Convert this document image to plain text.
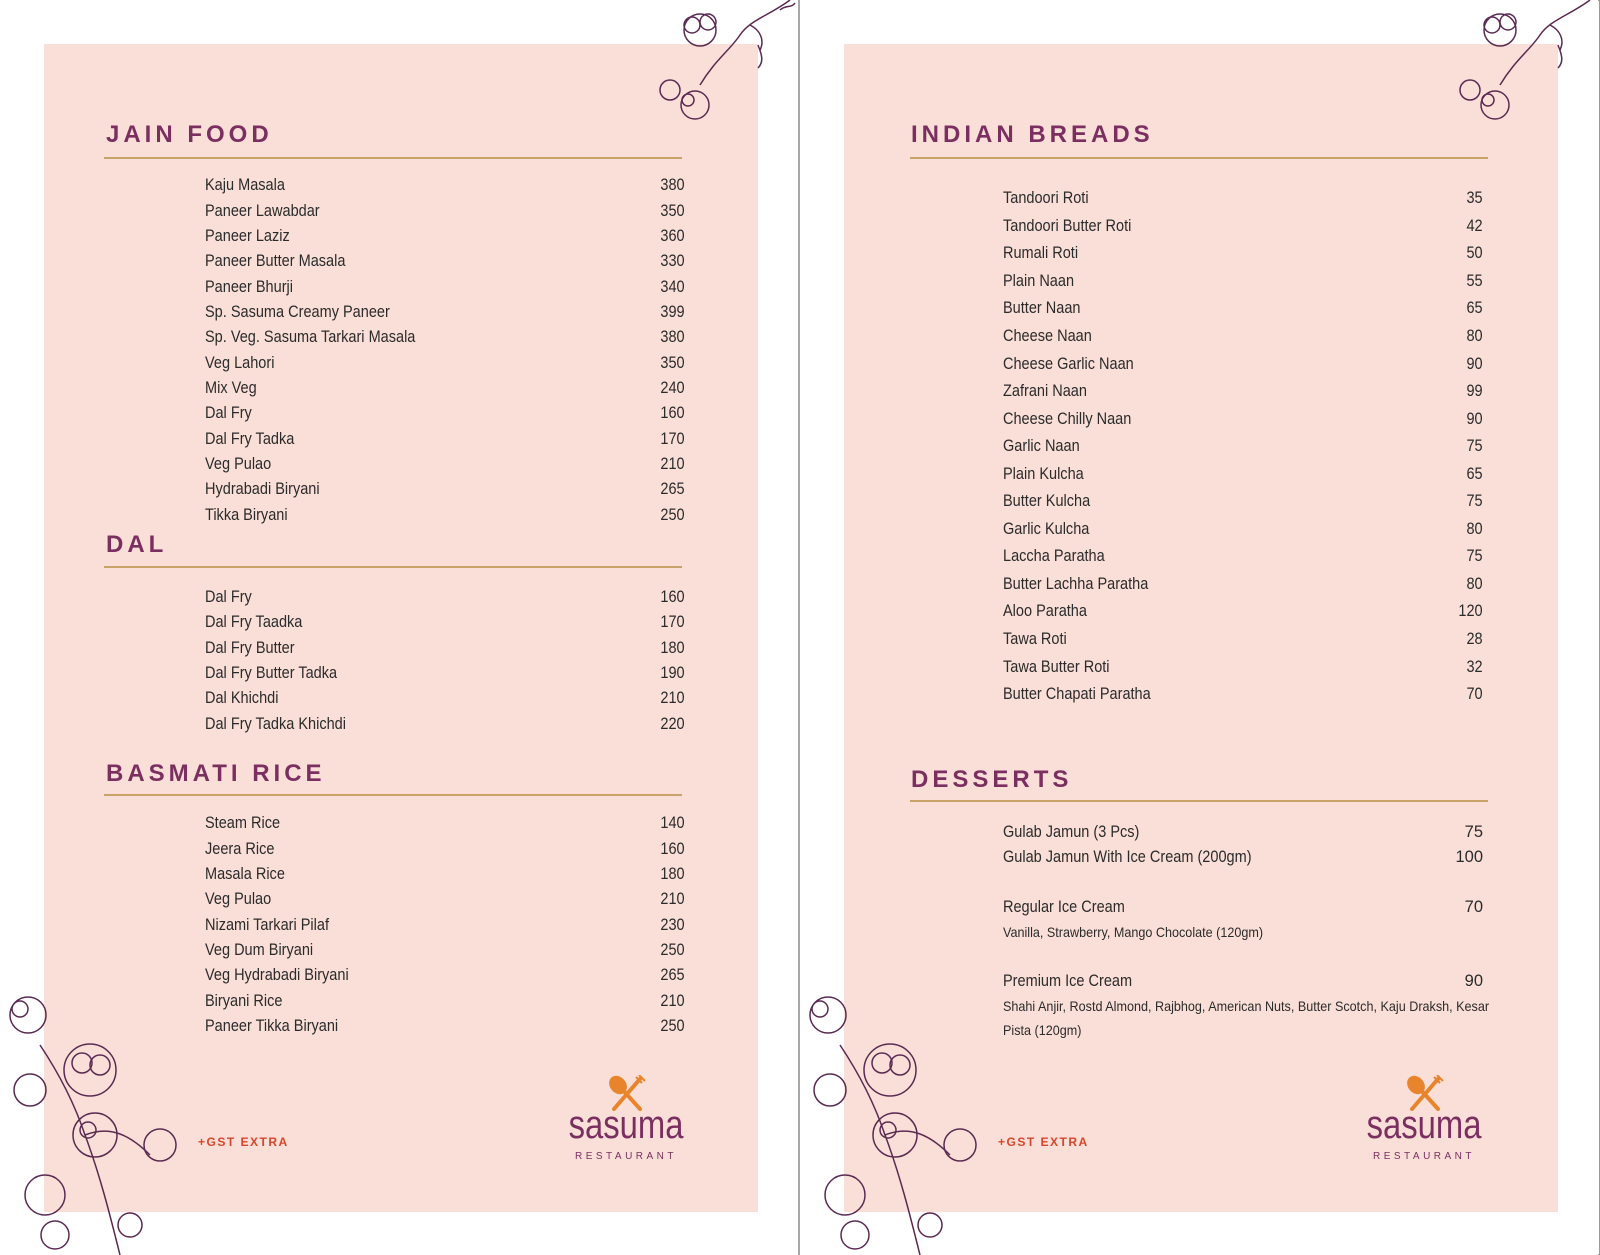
JAIN FOOD
Kaju Masala	380
Paneer Lawabdar	350
Paneer Laziz	360
Paneer Butter Masala	330
Paneer Bhurji	340
Sp. Sasuma Creamy Paneer	399
Sp. Veg. Sasuma Tarkari Masala	380
Veg Lahori	350
Mix Veg	240
Dal Fry	160
Dal Fry Tadka	170
Veg Pulao	210
Hydrabadi Biryani	265
Tikka Biryani	250
DAL
Dal Fry	160
Dal Fry Taadka	170
Dal Fry Butter	180
Dal Fry Butter Tadka	190
Dal Khichdi	210
Dal Fry Tadka Khichdi	220
BASMATI RICE
Steam Rice	140
Jeera Rice	160
Masala Rice	180
Veg Pulao	210
Nizami Tarkari Pilaf	230
Veg Dum Biryani	250
Veg Hydrabadi Biryani	265
Biryani Rice	210
Paneer Tikka Biryani	250
+GST EXTRA	sasuma
RESTAURANT
INDIAN BREADS
Tandoori Roti	35
Tandoori Butter Roti	42
Rumali Roti	50
Plain Naan	55
Butter Naan	65
Cheese Naan	80
Cheese Garlic Naan	90
Zafrani Naan	99
Cheese Chilly Naan	90
Garlic Naan	75
Plain Kulcha	65
Butter Kulcha	75
Garlic Kulcha	80
Laccha Paratha	75
Butter Lachha Paratha	80
Aloo Paratha	120
Tawa Roti	28
Tawa Butter Roti	32
Butter Chapati Paratha	70
DESSERTS
Gulab Jamun (3 Pcs)	75
Gulab Jamun With Ice Cream (200gm)	100
Regular Ice Cream	70
Vanilla, Strawberry, Mango Chocolate (120gm)
Premium Ice Cream	90
Shahi Anjir, Rostd Almond, Rajbhog, American Nuts, Butter Scotch, Kaju Draksh, Kesar
Pista (120gm)
+GST EXTRA	sasuma
RESTAURANT
